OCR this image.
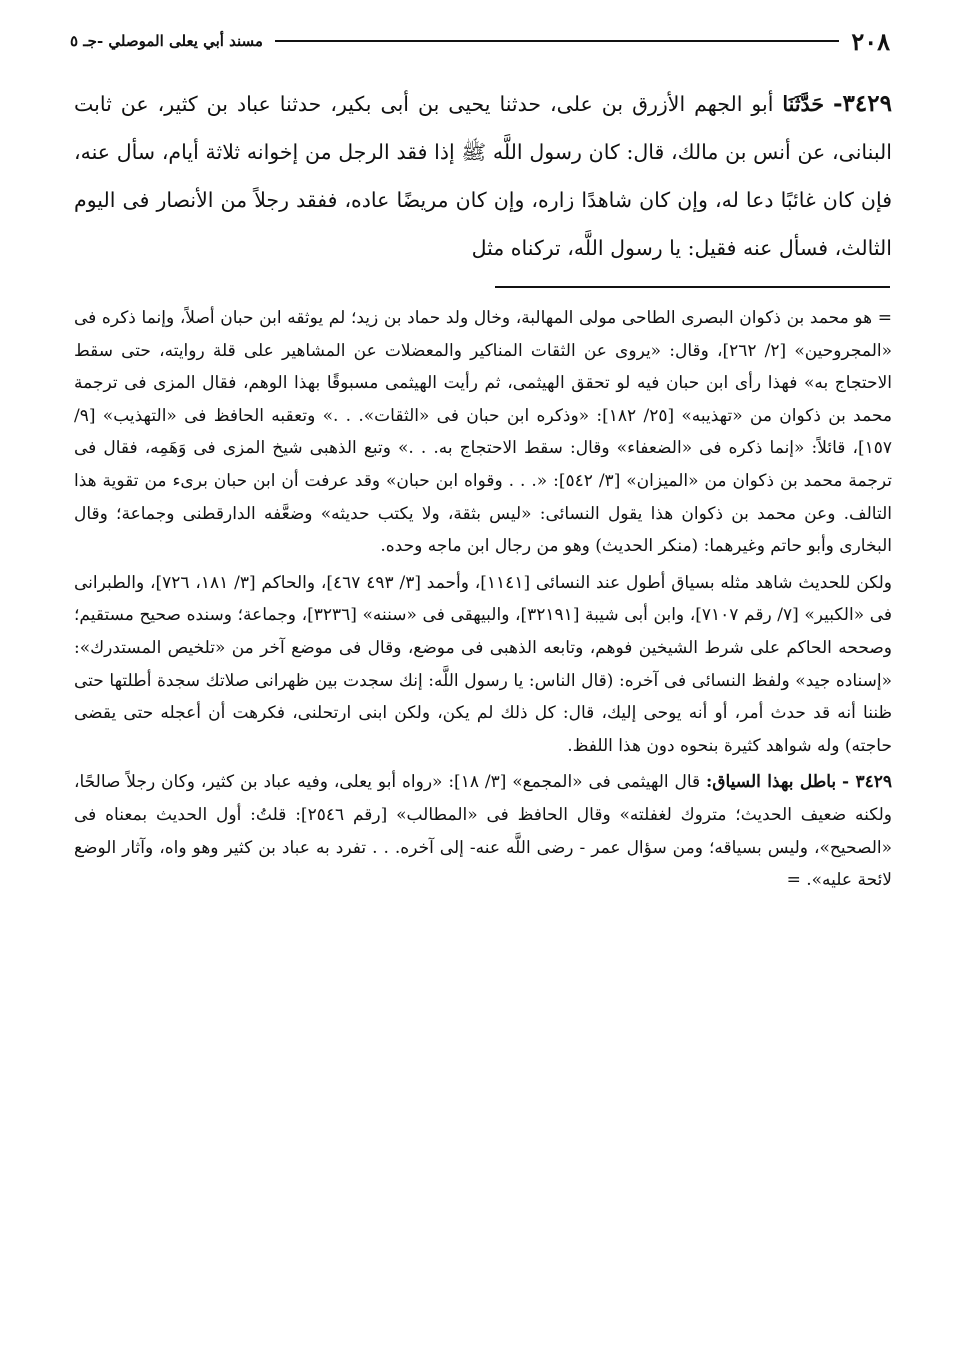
٢٠٨
مسند أبي يعلى الموصلي -جـ ٥
٣٤٢٩- حَدَّثَنَا أبو الجهم الأزرق بن على، حدثنا يحيى بن أبى بكير، حدثنا عباد بن كثير، عن ثابت البنانى، عن أنس بن مالك، قال: كان رسول اللَّه ﷺ إذا فقد الرجل من إخوانه ثلاثة أيام، سأل عنه، فإن كان غائبًا دعا له، وإن كان شاهدًا زاره، وإن كان مريضًا عاده، ففقد رجلاً من الأنصار فى اليوم الثالث، فسأل عنه فقيل: يا رسول اللَّه، تركناه مثل

= هو محمد بن ذكوان البصرى الطاحى مولى المهالبة، وخال ولد حماد بن زيد؛ لم يوثقه ابن حبان أصلاً، وإنما ذكره فى «المجروحين» [٢/ ٢٦٢]، وقال: «يروى عن الثقات المناكير والمعضلات عن المشاهير على قلة روايته، حتى سقط الاحتجاج به» فهذا رأى ابن حبان فيه لو تحقق الهيثمى، ثم رأيت الهيثمى مسبوقًا بهذا الوهم، فقال المزى فى ترجمة محمد بن ذكوان من «تهذيبه» [٢٥/ ١٨٢]: «وذكره ابن حبان فى «الثقات». . .» وتعقبه الحافظ فى «التهذيب» [٩/ ١٥٧]، قائلاً: «إنما ذكره فى «الضعفاء» وقال: سقط الاحتجاج به. . .» وتبع الذهبى شيخ المزى فى وَهَمِه، فقال فى ترجمة محمد بن ذكوان من «الميزان» [٣/ ٥٤٢]: «. . . وقواه ابن حبان» وقد عرفت أن ابن حبان برىء من تقوية هذا التالف. وعن محمد بن ذكوان هذا يقول النسائى: «ليس بثقة، ولا يكتب حديثه» وضعَّفه الدارقطنى وجماعة؛ وقال البخارى وأبو حاتم وغيرهما: (منكر الحديث) وهو من رجال ابن ماجه وحده.

ولكن للحديث شاهد مثله بسياق أطول عند النسائى [١١٤١]، وأحمد [٣/ ٤٩٣ ٤٦٧]، والحاكم [٣/ ١٨١، ٧٢٦]، والطبرانى فى «الكبير» [٧/ رقم ٧١٠٧]، وابن أبى شيبة [٣٢١٩١]، والبيهقى فى «سننه» [٣٢٣٦]، وجماعة؛ وسنده صحيح مستقيم؛ وصححه الحاكم على شرط الشيخين فوهم، وتابعه الذهبى فى موضع، وقال فى موضع آخر من «تلخيص المستدرك»: «إسناده جيد» ولفظ النسائى فى آخره: (قال الناس: يا رسول اللَّه: إنك سجدت بين ظهرانى صلاتك سجدة أطلتها حتى ظننا أنه قد حدث أمر، أو أنه يوحى إليك، قال: كل ذلك لم يكن، ولكن ابنى ارتحلنى، فكرهت أن أعجله حتى يقضى حاجته) وله شواهد كثيرة بنحوه دون هذا اللفظ.

٣٤٢٩ - باطل بهذا السياق: قال الهيثمى فى «المجمع» [٣/ ١٨]: «رواه أبو يعلى، وفيه عباد بن كثير، وكان رجلاً صالحًا، ولكنه ضعيف الحديث؛ متروك لغفلته» وقال الحافظ فى «المطالب» [رقم ٢٥٤٦]: قلتُ: أول الحديث بمعناه فى «الصحيح»، وليس بسياقه؛ ومن سؤال عمر - رضى اللَّه عنه- إلى آخره. . . تفرد به عباد بن كثير وهو واه، وآثار الوضع لائحة عليه». =
